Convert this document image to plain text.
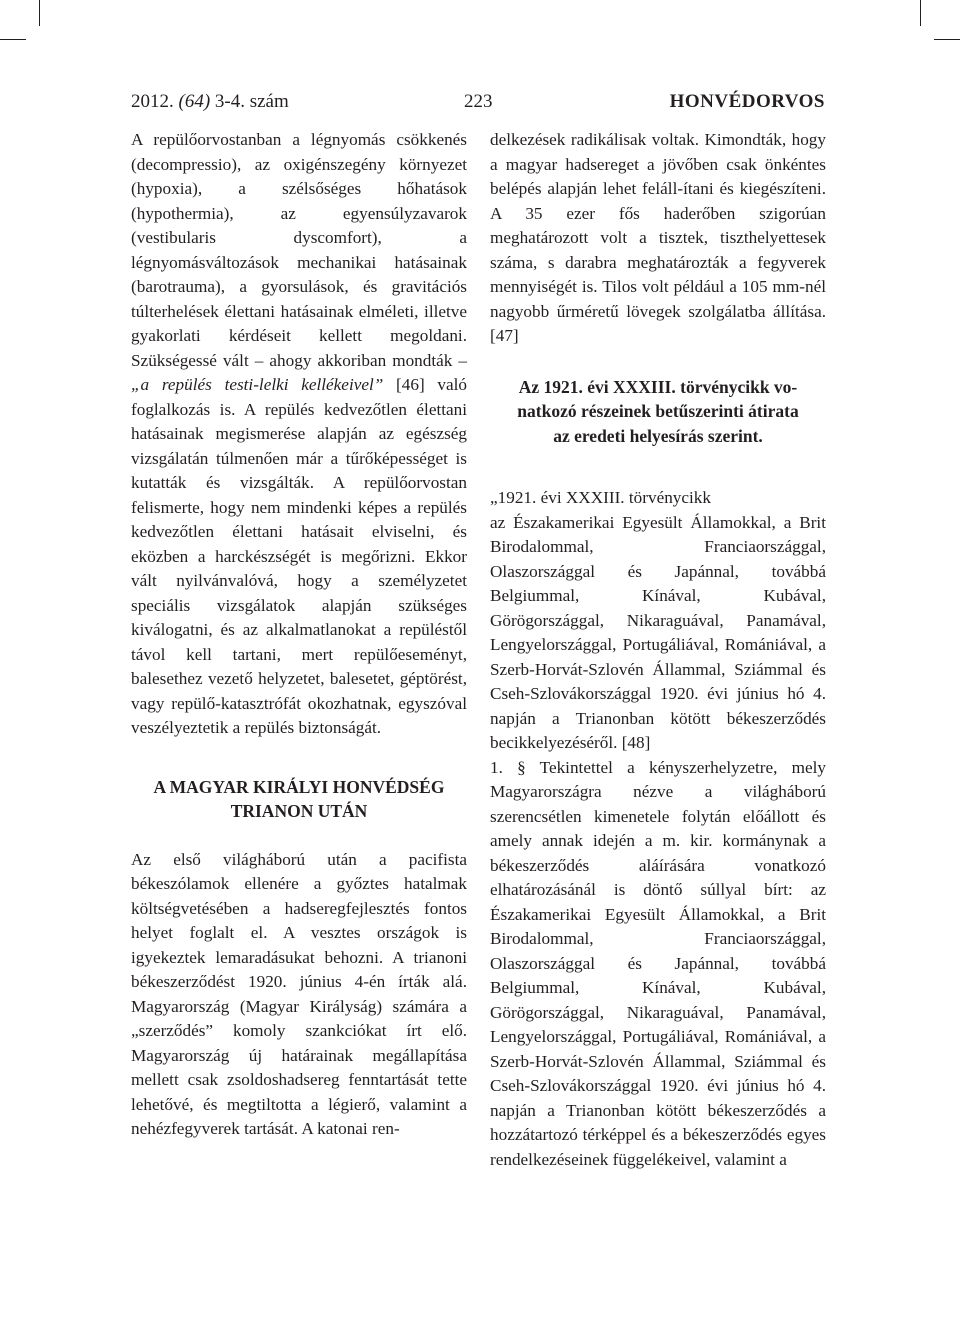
2012. (64) 3-4. szám	223	HONVÉDORVOS

A repülőorvostanban a légnyomás csökkenés (decompressio), az oxigénszegény környezet (hypoxia), a szélsőséges hőhatások (hypothermia), az egyensúlyzavarok (vestibularis dyscomfort), a légnyomásváltozások mechanikai hatásainak (barotrauma), a gyorsulások, és gravitációs túlterhelések élettani hatásainak elméleti, illetve gyakorlati kérdéseit kellett megoldani. Szükségessé vált – ahogy akkoriban mondták – „a repülés testi-lelki kellékeivel” [46] való foglalkozás is. A repülés kedvezőtlen élettani hatásainak megismerése alapján az egészség vizsgálatán túlmenően már a tűrőképességet is kutatták és vizsgálták. A repülőorvostan felismerte, hogy nem mindenki képes a repülés kedvezőtlen élettani hatásait elviselni, és eközben a harckészségét is megőrizni. Ekkor vált nyilvánvalóvá, hogy a személyzetet speciális vizsgálatok alapján szükséges kiválogatni, és az alkalmatlanokat a repüléstől távol kell tartani, mert repülőeseményt, balesethez vezető helyzetet, balesetet, géptörést, vagy repülő-katasztrófát okozhatnak, egyszóval veszélyeztetik a repülés biztonságát.

A MAGYAR KIRÁLYI HONVÉDSÉG
TRIANON UTÁN

Az első világháború után a pacifista békeszólamok ellenére a győztes hatalmak költségvetésében a hadseregfejlesztés fontos helyet foglalt el. A vesztes országok is igyekeztek lemaradásukat behozni. A trianoni békeszerződést 1920. június 4-én írták alá. Magyarország (Magyar Királyság) számára a „szerződés” komoly szankciókat írt elő. Magyarország új határainak megállapítása mellett csak zsoldoshadsereg fenntartását tette lehetővé, és megtiltotta a légierő, valamint a nehézfegyverek tartását. A katonai ren-

delkezések radikálisak voltak. Kimondták, hogy a magyar hadsereget a jövőben csak önkéntes belépés alapján lehet feláll-ítani és kiegészíteni. A 35 ezer fős haderőben szigorúan meghatározott volt a tisztek, tiszthelyettesek száma, s darabra meghatározták a fegyverek mennyiségét is. Tilos volt például a 105 mm-nél nagyobb űrméretű lövegek szolgálatba állítása. [47]

Az 1921. évi XXXIII. törvénycikk vo-
natkozó részeinek betűszerinti átirata
az eredeti helyesírás szerint.

„1921. évi XXXIII. törvénycikk

az Északamerikai Egyesült Államokkal, a Brit Birodalommal, Franciaországgal, Olaszországgal és Japánnal, továbbá Belgiummal, Kínával, Kubával, Görögországgal, Nikaraguával, Panamával, Lengyelországgal, Portugáliával, Romániával, a Szerb-Horvát-Szlovén Állammal, Sziámmal és Cseh-Szlovákországgal 1920. évi június hó 4. napján a Trianonban kötött békeszerződés becikkelyezéséről. [48]

1. § Tekintettel a kényszerhelyzetre, mely Magyarországra nézve a világháború szerencsétlen kimenetele folytán előállott és amely annak idején a m. kir. kormánynak a békeszerződés aláírására vonatkozó elhatározásánál is döntő súllyal bírt: az Északamerikai Egyesült Államokkal, a Brit Birodalommal, Franciaországgal, Olaszországgal és Japánnal, továbbá Belgiummal, Kínával, Kubával, Görögországgal, Nikaraguával, Panamával, Lengyelországgal, Portugáliával, Romániával, a Szerb-Horvát-Szlovén Állammal, Sziámmal és Cseh-Szlovákországgal 1920. évi június hó 4. napján a Trianonban kötött békeszerződés a hozzátartozó térképpel és a békeszerződés egyes rendelkezéseinek függelékeivel, valamint a
